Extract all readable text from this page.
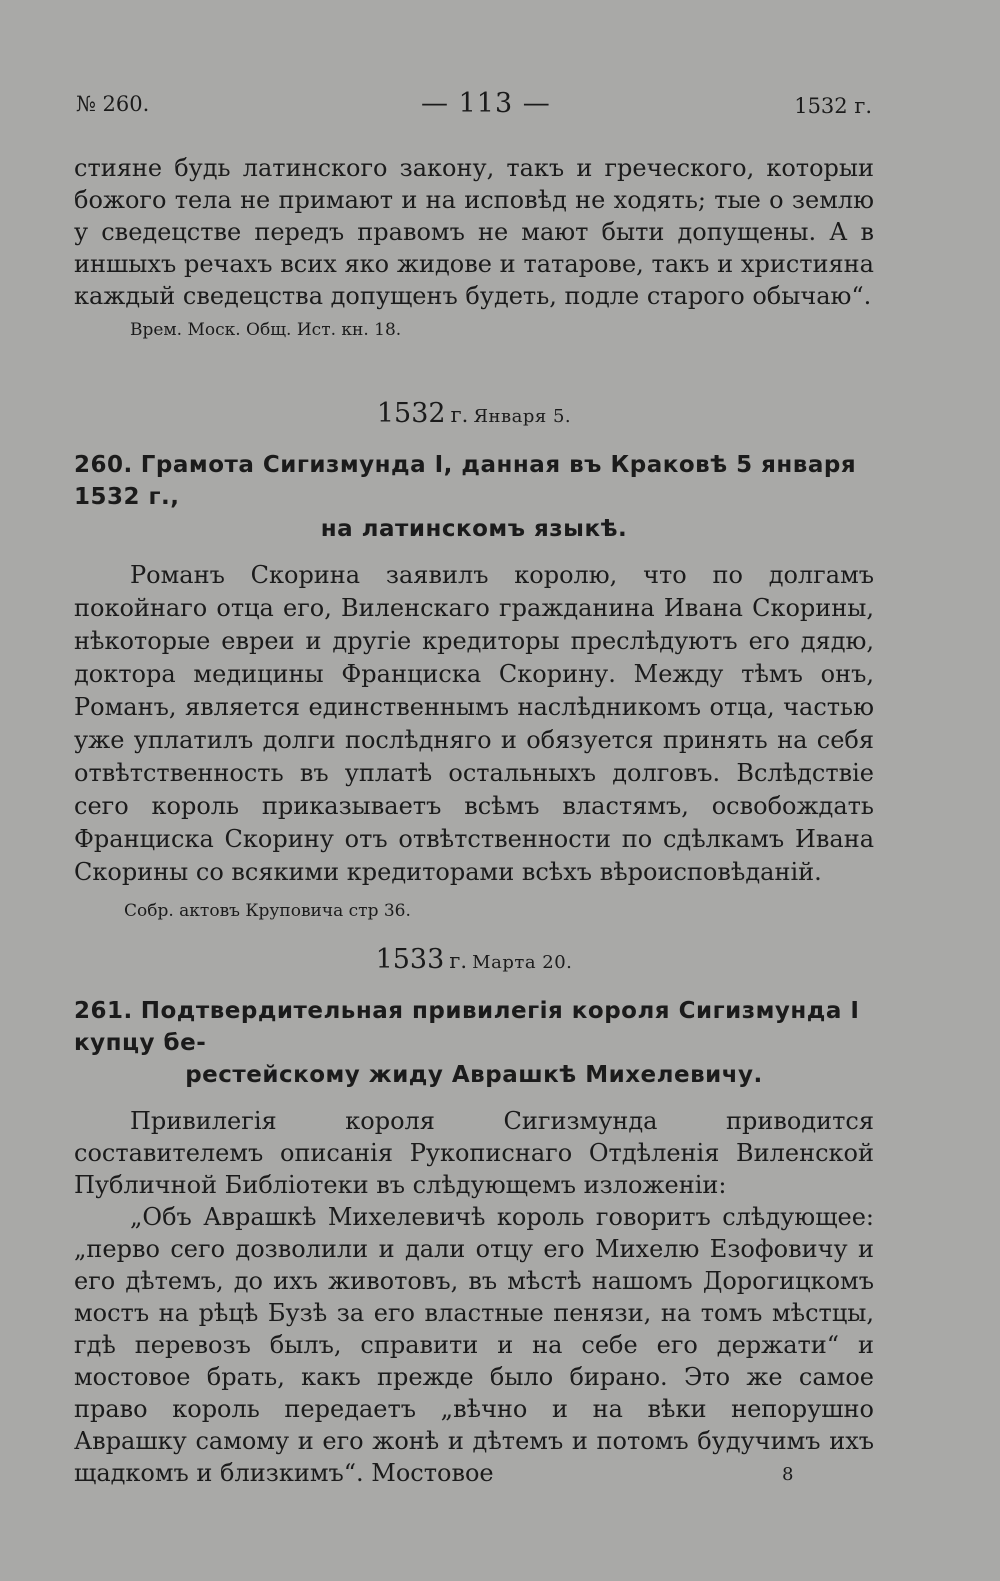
№ 260.	— 113 —	1532 г.

стияне будь латинского закону, такъ и греческого, которыи божого тела не примают и на исповѣд не ходять; тые о землю у сведецстве передъ правомъ не мают быти допущены. А в иншыхъ речахъ всих яко жидове и татарове, такъ и християна каждый сведецства допущенъ будеть, подле старого обычаю“.

Врем. Моск. Общ. Ист. кн. 18.

1532 г. Января 5.

260. Грамота Сигизмунда I, данная въ Краковѣ 5 января 1532 г.,
на латинскомъ языкѣ.

Романъ Скорина заявилъ королю, что по долгамъ покойнаго отца его, Виленскаго гражданина Ивана Скорины, нѣкоторые евреи и другіе кредиторы преслѣдуютъ его дядю, доктора медицины Франциска Скорину. Между тѣмъ онъ, Романъ, является единственнымъ наслѣдникомъ отца, частью уже уплатилъ долги послѣдняго и обязуется принять на себя отвѣтственность въ уплатѣ остальныхъ долговъ. Вслѣдствіе сего король приказываетъ всѣмъ властямъ, освобождать Франциска Скорину отъ отвѣтственности по сдѣлкамъ Ивана Скорины со всякими кредиторами всѣхъ вѣроисповѣданій.

Собр. актовъ Круповича стр 36.

1533 г. Марта 20.

261. Подтвердительная привилегія короля Сигизмунда I купцу бе-
рестейскому жиду Аврашкѣ Михелевичу.

Привилегія короля Сигизмунда приводится составителемъ описанія Рукописнаго Отдѣленія Виленской Публичной Библіотеки въ слѣдующемъ изложеніи:

„Объ Аврашкѣ Михелевичѣ король говоритъ слѣдующее: „перво сего дозволили и дали отцу его Михелю Езофовичу и его дѣтемъ, до ихъ животовъ, въ мѣстѣ нашомъ Дорогицкомъ мостъ на рѣцѣ Бузѣ за его властные пенязи, на томъ мѣстцы, гдѣ перевозъ былъ, справити и на себе его держати“ и мостовое брать, какъ прежде было бирано. Это же самое право король передаетъ „вѣчно и на вѣки непорушно Аврашку самому и его жонѣ и дѣтемъ и потомъ будучимъ ихъ щадкомъ и близкимъ“. Мостовое	8
